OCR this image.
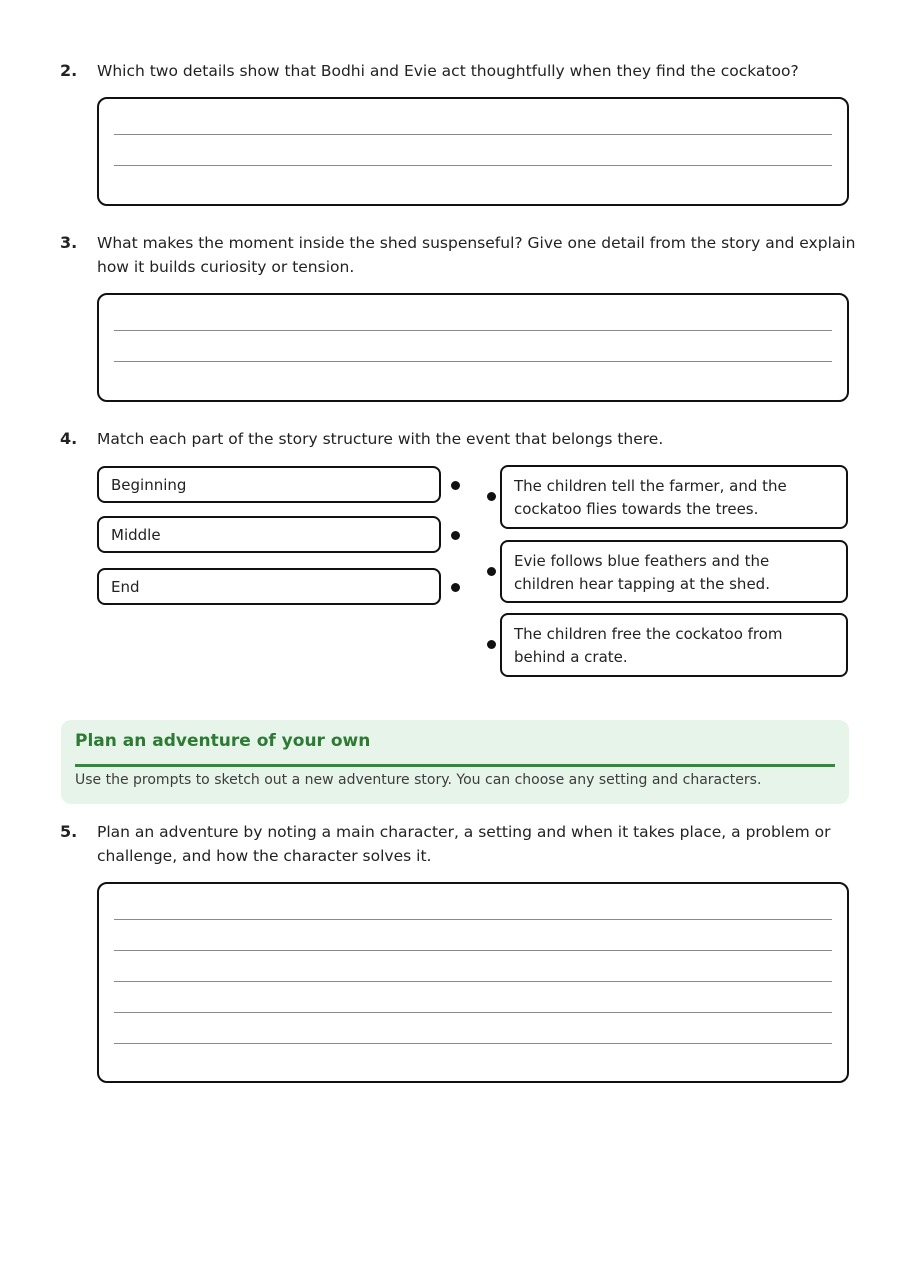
2. Which two details show that Bodhi and Evie act thoughtfully when they find the cockatoo?
3. What makes the moment inside the shed suspenseful? Give one detail from the story and explain
how it builds curiosity or tension.
4. Match each part of the story structure with the event that belongs there.
Beginning
Middle
End
The children tell the farmer, and the cockatoo flies towards the trees.
Evie follows blue feathers and the children hear tapping at the shed.
The children free the cockatoo from behind a crate.
Plan an adventure of your own
Use the prompts to sketch out a new adventure story. You can choose any setting and characters.
5. Plan an adventure by noting a main character, a setting and when it takes place, a problem or
challenge, and how the character solves it.
